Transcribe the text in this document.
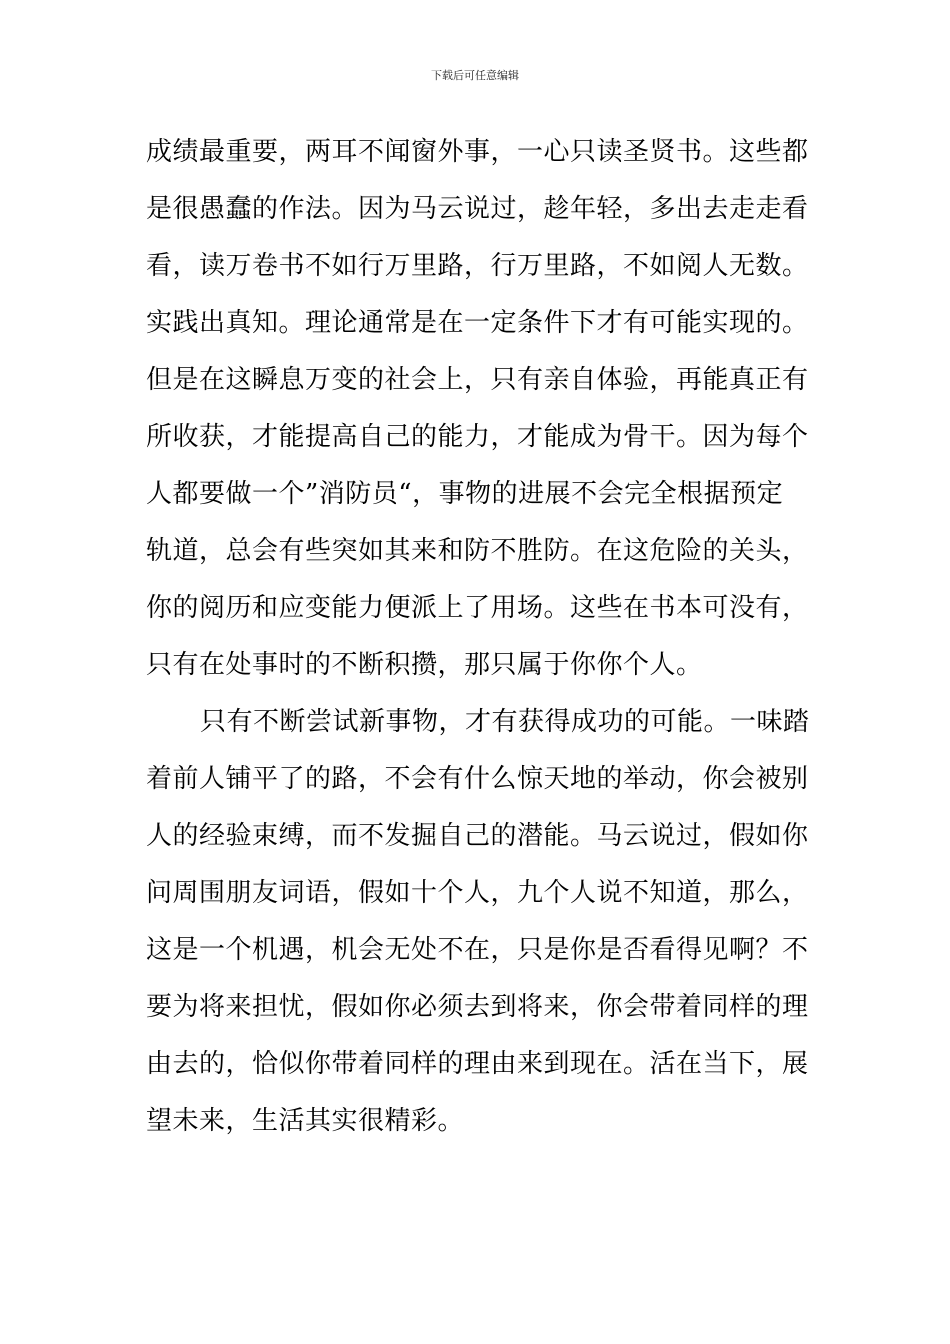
下载后可任意编辑
成绩最重要，两耳不闻窗外事，一心只读圣贤书。这些都
是很愚蠢的作法。因为马云说过，趁年轻，多出去走走看
看，读万卷书不如行万里路，行万里路，不如阅人无数。
实践出真知。理论通常是在一定条件下才有可能实现的。
但是在这瞬息万变的社会上，只有亲自体验，再能真正有
所收获，才能提高自己的能力，才能成为骨干。因为每个
人都要做一个”消防员“，事物的进展不会完全根据预定
轨道，总会有些突如其来和防不胜防。在这危险的关头，
你的阅历和应变能力便派上了用场。这些在书本可没有，
只有在处事时的不断积攒，那只属于你你个人。
只有不断尝试新事物，才有获得成功的可能。一味踏
着前人铺平了的路，不会有什么惊天地的举动，你会被别
人的经验束缚，而不发掘自己的潜能。马云说过，假如你
问周围朋友词语，假如十个人，九个人说不知道，那么，
这是一个机遇，机会无处不在，只是你是否看得见啊？不
要为将来担忧，假如你必须去到将来，你会带着同样的理
由去的，恰似你带着同样的理由来到现在。活在当下，展
望未来，生活其实很精彩。
